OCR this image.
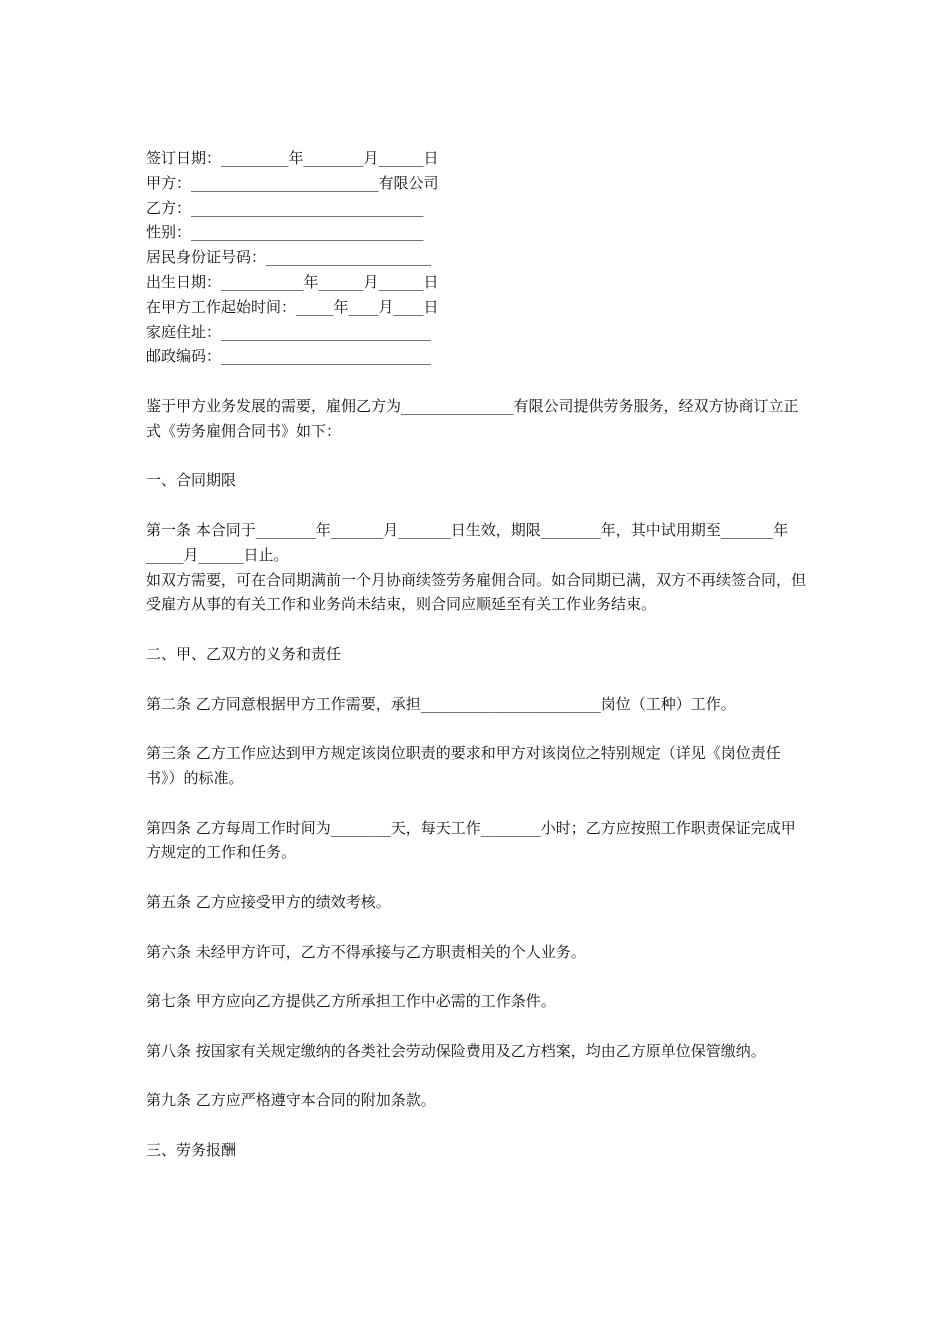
签订日期：_________年________月______日
甲方：_________________________有限公司
乙方：_______________________________
性别：_______________________________
居民身份证号码：______________________
出生日期：___________年______月______日
在甲方工作起始时间：_____年____月____日
家庭住址：____________________________
邮政编码：____________________________
鉴于甲方业务发展的需要，雇佣乙方为_______________有限公司提供劳务服务，经双方协商订立正式《劳务雇佣合同书》如下：
一、合同期限
第一条 本合同于________年_______月_______日生效，期限________年，其中试用期至_______年_____月______日止。
如双方需要，可在合同期满前一个月协商续签劳务雇佣合同。如合同期已满，双方不再续签合同，但受雇方从事的有关工作和业务尚未结束，则合同应顺延至有关工作业务结束。
二、甲、乙双方的义务和责任
第二条 乙方同意根据甲方工作需要，承担________________________岗位（工种）工作。
第三条 乙方工作应达到甲方规定该岗位职责的要求和甲方对该岗位之特别规定（详见《岗位责任书》）的标准。
第四条 乙方每周工作时间为________天，每天工作________小时；乙方应按照工作职责保证完成甲方规定的工作和任务。
第五条 乙方应接受甲方的绩效考核。
第六条 未经甲方许可，乙方不得承接与乙方职责相关的个人业务。
第七条 甲方应向乙方提供乙方所承担工作中必需的工作条件。
第八条 按国家有关规定缴纳的各类社会劳动保险费用及乙方档案，均由乙方原单位保管缴纳。
第九条 乙方应严格遵守本合同的附加条款。
三、劳务报酬
